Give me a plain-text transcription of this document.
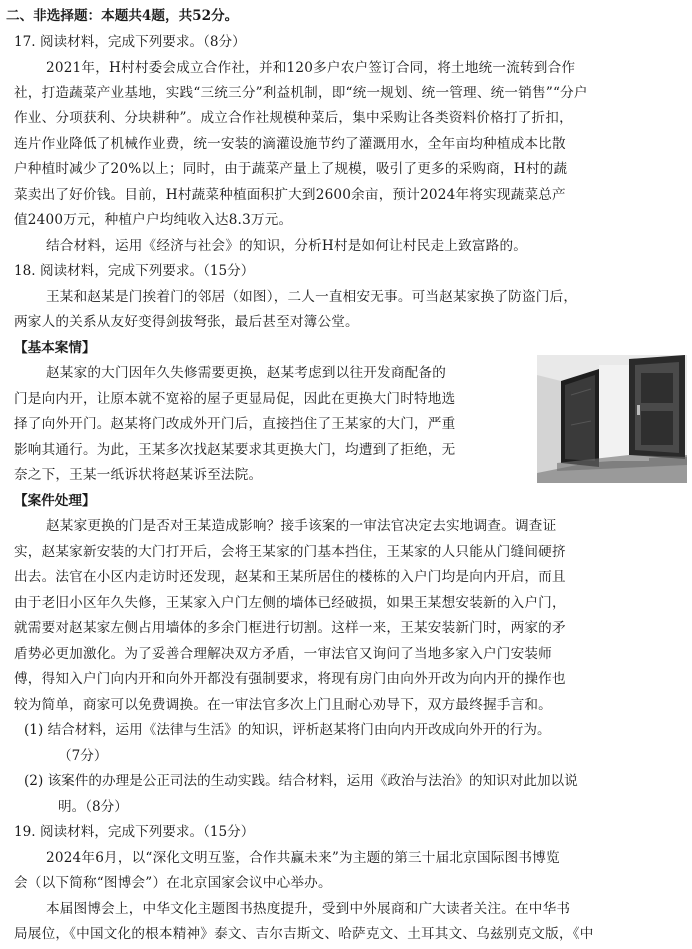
二、非选择题：本题共4题，共52分。
17. 阅读材料，完成下列要求。（8分）
2021年，H村村委会成立合作社，并和120多户农户签订合同，将土地统一流转到合作
社，打造蔬菜产业基地，实践“三统三分”利益机制，即“统一规划、统一管理、统一销售”“分户
作业、分项获利、分块耕种”。成立合作社规模种菜后，集中采购让各类资料价格打了折扣，
连片作业降低了机械作业费，统一安装的滴灌设施节约了灌溉用水，全年亩均种植成本比散
户种植时减少了20%以上；同时，由于蔬菜产量上了规模，吸引了更多的采购商，H村的蔬
菜卖出了好价钱。目前，H村蔬菜种植面积扩大到2600余亩，预计2024年将实现蔬菜总产
值2400万元，种植户户均纯收入达8.3万元。
结合材料，运用《经济与社会》的知识，分析H村是如何让村民走上致富路的。
18. 阅读材料，完成下列要求。（15分）
王某和赵某是门挨着门的邻居（如图），二人一直相安无事。可当赵某家换了防盗门后，
两家人的关系从友好变得剑拔弩张，最后甚至对簿公堂。
【基本案情】
赵某家的大门因年久失修需要更换，赵某考虑到以往开发商配备的
门是向内开，让原本就不宽裕的屋子更显局促，因此在更换大门时特地选
择了向外开门。赵某将门改成外开门后，直接挡住了王某家的大门，严重
影响其通行。为此，王某多次找赵某要求其更换大门，均遭到了拒绝，无
奈之下，王某一纸诉状将赵某诉至法院。
【案件处理】
赵某家更换的门是否对王某造成影响？接手该案的一审法官决定去实地调查。调查证
实，赵某家新安装的大门打开后，会将王某家的门基本挡住，王某家的人只能从门缝间硬挤
出去。法官在小区内走访时还发现，赵某和王某所居住的楼栋的入户门均是向内开启，而且
由于老旧小区年久失修，王某家入户门左侧的墙体已经破损，如果王某想安装新的入户门，
就需要对赵某家左侧占用墙体的多余门框进行切割。这样一来，王某安装新门时，两家的矛
盾势必更加激化。为了妥善合理解决双方矛盾，一审法官又询问了当地多家入户门安装师
傅，得知入户门向内开和向外开都没有强制要求，将现有房门由向外开改为向内开的操作也
较为简单，商家可以免费调换。在一审法官多次上门且耐心劝导下，双方最终握手言和。
(1) 结合材料，运用《法律与生活》的知识，评析赵某将门由向内开改成向外开的行为。
（7分）
(2) 该案件的办理是公正司法的生动实践。结合材料，运用《政治与法治》的知识对此加以说
明。（8分）
19. 阅读材料，完成下列要求。（15分）
2024年6月，以“深化文明互鉴，合作共赢未来”为主题的第三十届北京国际图书博览
会（以下简称“图博会”）在北京国家会议中心举办。
本届图博会上，中华文化主题图书热度提升，受到中外展商和广大读者关注。在中华书
局展位，《中国文化的根本精神》泰文、吉尔吉斯文、哈萨克文、土耳其文、乌兹别克文版，《中
